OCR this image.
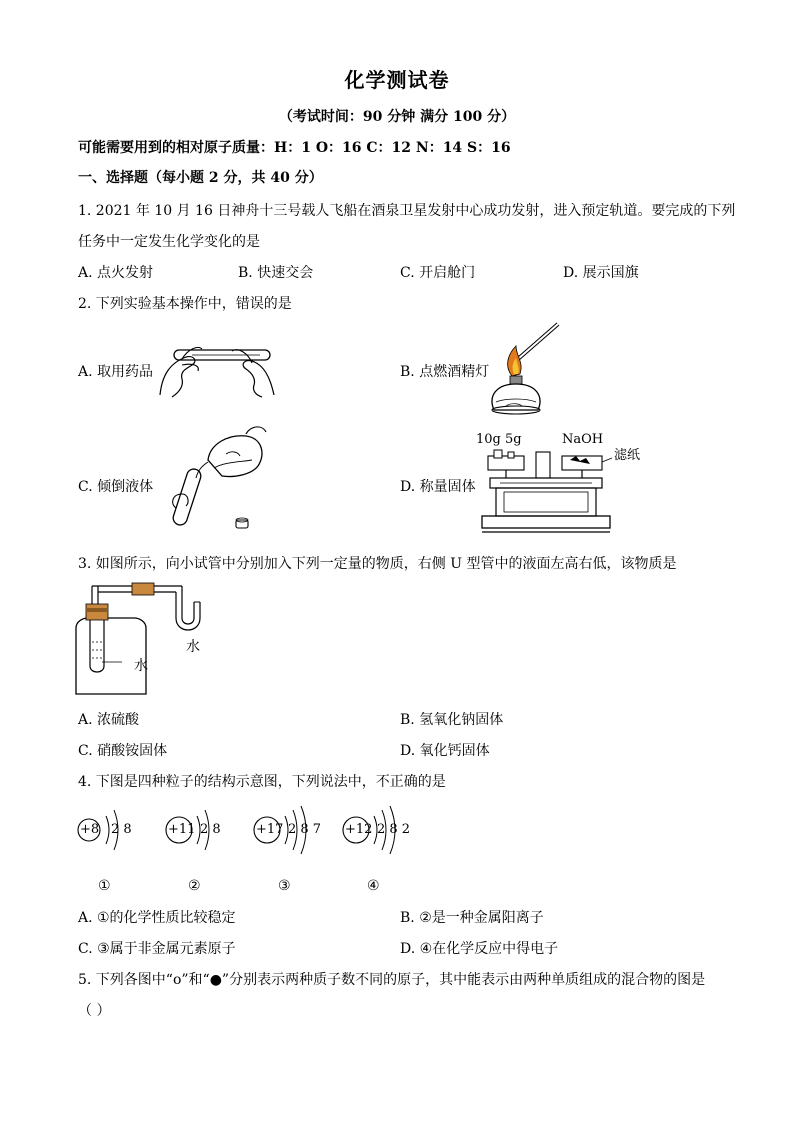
化学测试卷
（考试时间：90 分钟 满分 100 分）
可能需要用到的相对原子质量：H：1 O：16 C：12 N：14 S：16
一、选择题（每小题 2 分，共 40 分）
1. 2021 年 10 月 16 日神舟十三号载人飞船在酒泉卫星发射中心成功发射，进入预定轨道。要完成的下列
任务中一定发生化学变化的是
A. 点火发射	B. 快速交会	C. 开启舱门	D. 展示国旗
2. 下列实验基本操作中，错误的是
A. 取用药品	B. 点燃酒精灯
C. 倾倒液体	D. 称量固体
10g 5g	NaOH
滤纸
3. 如图所示，向小试管中分别加入下列一定量的物质，右侧 U 型管中的液面左高右低，该物质是
水
水
A. 浓硫酸	B. 氢氧化钠固体
C. 硝酸铵固体	D. 氧化钙固体
4. 下图是四种粒子的结构示意图，下列说法中，不正确的是
+8 2 8	+11 2 8	+17 2 8 7 +12 2 8 2
①	②	③	④
A. ①的化学性质比较稳定	B. ②是一种金属阳离子
C. ③属于非金属元素原子	D. ④在化学反应中得电子
5. 下列各图中“o”和“●”分别表示两种质子数不同的原子，其中能表示由两种单质组成的混合物的图是
（ ）
